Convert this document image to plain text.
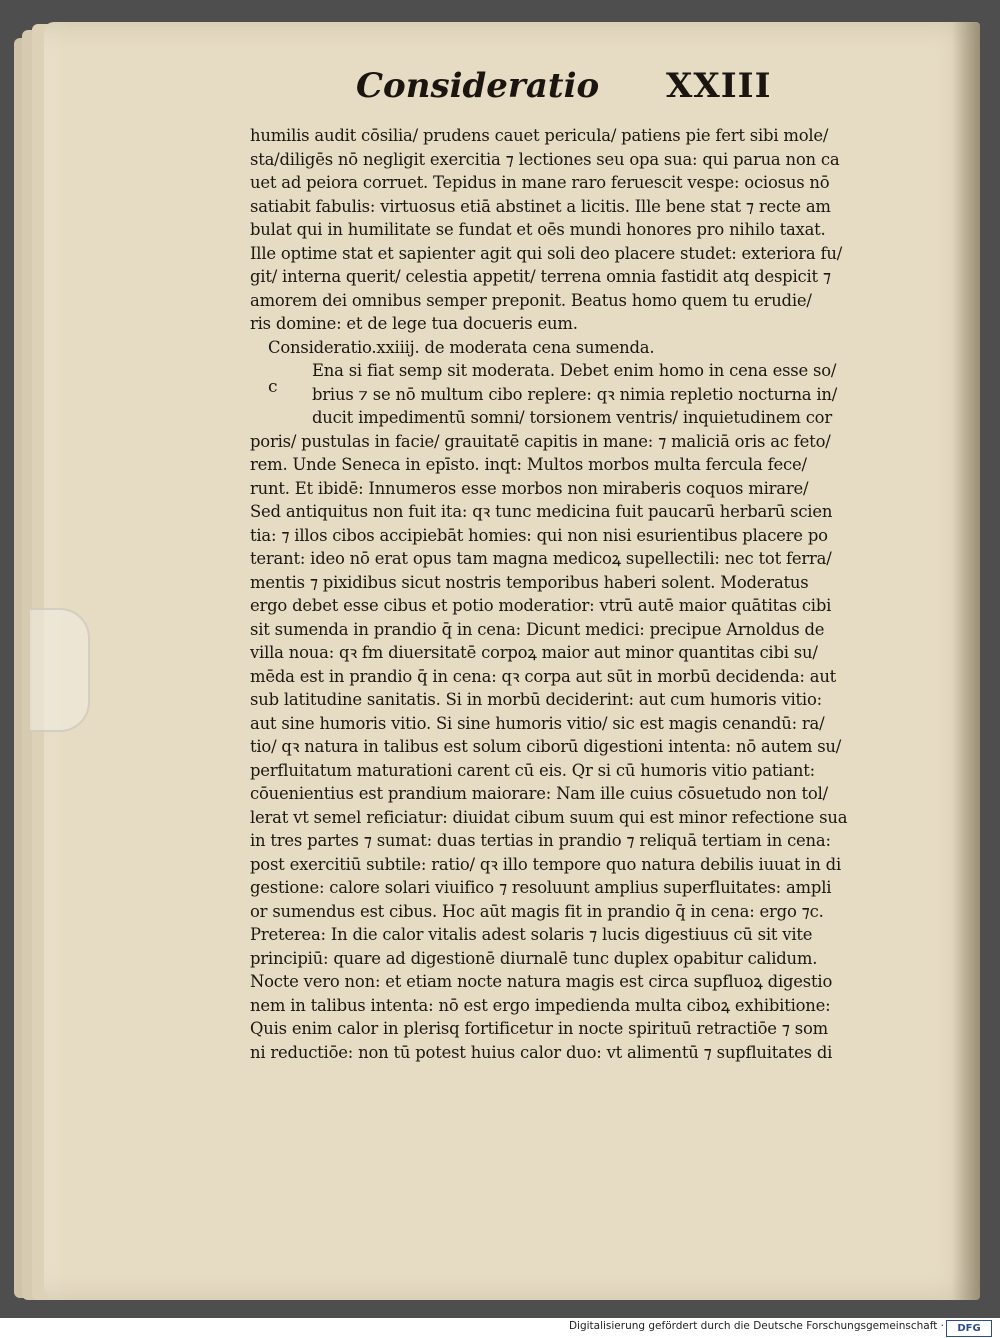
Consideratio XXIII
c
humilis audit cōsilia/ prudens cauet pericula/ patiens pie fert sibi mole/
sta/diligēs nō negligit exercitia ⁊ lectiones seu opa sua: qui parua non ca
uet ad peiora corruet. Tepidus in mane raro feruescit vespe: ociosus nō
satiabit fabulis: virtuosus etiā abstinet a licitis. Ille bene stat ⁊ recte am
bulat qui in humilitate se fundat et oēs mundi honores pro nihilo taxat.
Ille optime stat et sapienter agit qui soli deo placere studet: exteriora fu/
git/ interna querit/ celestia appetit/ terrena omnia fastidit atq despicit ⁊
amorem dei omnibus semper preponit. Beatus homo quem tu erudie/
ris domine: et de lege tua docueris eum.
Consideratio.xxiiij. de moderata cena sumenda.
Ena si fiat semp sit moderata. Debet enim homo in cena esse so/
brius ⁊ se nō multum cibo replere: qꝛ nimia repletio nocturna in/
ducit impedimentū somni/ torsionem ventris/ inquietudinem cor
poris/ pustulas in facie/ grauitatē capitis in mane: ⁊ maliciā oris ac feto/
rem. Unde Seneca in epīsto. inqt: Multos morbos multa fercula fece/
runt. Et ibidē: Innumeros esse morbos non miraberis coquos mirare/
Sed antiquitus non fuit ita: qꝛ tunc medicina fuit paucarū herbarū scien
tia: ⁊ illos cibos accipiebāt homies: qui non nisi esurientibus placere po
terant: ideo nō erat opus tam magna medicoꝝ supellectili: nec tot ferra/
mentis ⁊ pixidibus sicut nostris temporibus haberi solent. Moderatus
ergo debet esse cibus et potio moderatior: vtrū autē maior quātitas cibi
sit sumenda in prandio q̄ in cena: Dicunt medici: precipue Arnoldus de
villa noua: qꝛ fm diuersitatē corpoꝝ maior aut minor quantitas cibi su/
mēda est in prandio q̄ in cena: qꝛ corpa aut sūt in morbū decidenda: aut
sub latitudine sanitatis. Si in morbū deciderint: aut cum humoris vitio:
aut sine humoris vitio. Si sine humoris vitio/ sic est magis cenandū: ra/
tio/ qꝛ natura in talibus est solum ciborū digestioni intenta: nō autem su/
perfluitatum maturationi carent cū eis. Qr si cū humoris vitio patiant:
cōuenientius est prandium maiorare: Nam ille cuius cōsuetudo non tol/
lerat vt semel reficiatur: diuidat cibum suum qui est minor refectione sua
in tres partes ⁊ sumat: duas tertias in prandio ⁊ reliquā tertiam in cena:
post exercitiū subtile: ratio/ qꝛ illo tempore quo natura debilis iuuat in di
gestione: calore solari viuifico ⁊ resoluunt amplius superfluitates: ampli
or sumendus est cibus. Hoc aūt magis fit in prandio q̄ in cena: ergo ⁊c.
Preterea: In die calor vitalis adest solaris ⁊ lucis digestiuus cū sit vite
principiū: quare ad digestionē diurnalē tunc duplex opabitur calidum.
Nocte vero non: et etiam nocte natura magis est circa supfluoꝝ digestio
nem in talibus intenta: nō est ergo impedienda multa ciboꝝ exhibitione:
Quis enim calor in plerisq fortificetur in nocte spirituū retractiōe ⁊ som
ni reductiōe: non tū potest huius calor duo: vt alimentū ⁊ supfluitates di
Digitalisierung gefördert durch die Deutsche Forschungsgemeinschaft ·	DFG
